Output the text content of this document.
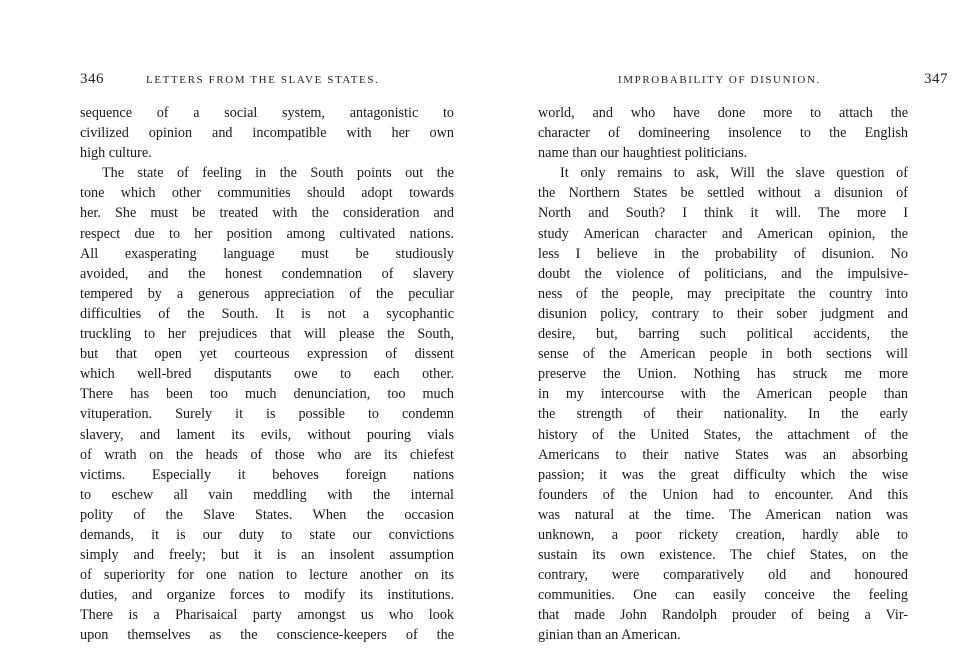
346	LETTERS FROM THE SLAVE STATES.
sequence of a social system, antagonistic to
civilized opinion and incompatible with her own
high culture.
The state of feeling in the South points out the
tone which other communities should adopt towards
her. She must be treated with the consideration and
respect due to her position among cultivated nations.
All exasperating language must be studiously
avoided, and the honest condemnation of slavery
tempered by a generous appreciation of the peculiar
difficulties of the South. It is not a sycophantic
truckling to her prejudices that will please the South,
but that open yet courteous expression of dissent
which well-bred disputants owe to each other.
There has been too much denunciation, too much
vituperation. Surely it is possible to condemn
slavery, and lament its evils, without pouring vials
of wrath on the heads of those who are its chiefest
victims. Especially it behoves foreign nations
to eschew all vain meddling with the internal
polity of the Slave States. When the occasion
demands, it is our duty to state our convictions
simply and freely; but it is an insolent assumption
of superiority for one nation to lecture another on its
duties, and organize forces to modify its institutions.
There is a Pharisaical party amongst us who look
upon themselves as the conscience-keepers of the
IMPROBABILITY OF DISUNION.	347
world, and who have done more to attach the
character of domineering insolence to the English
name than our haughtiest politicians.
It only remains to ask, Will the slave question of
the Northern States be settled without a disunion of
North and South? I think it will. The more I
study American character and American opinion, the
less I believe in the probability of disunion. No
doubt the violence of politicians, and the impulsive-
ness of the people, may precipitate the country into
disunion policy, contrary to their sober judgment and
desire, but, barring such political accidents, the
sense of the American people in both sections will
preserve the Union. Nothing has struck me more
in my intercourse with the American people than
the strength of their nationality. In the early
history of the United States, the attachment of the
Americans to their native States was an absorbing
passion; it was the great difficulty which the wise
founders of the Union had to encounter. And this
was natural at the time. The American nation was
unknown, a poor rickety creation, hardly able to
sustain its own existence. The chief States, on the
contrary, were comparatively old and honoured
communities. One can easily conceive the feeling
that made John Randolph prouder of being a Vir-
ginian than an American.
